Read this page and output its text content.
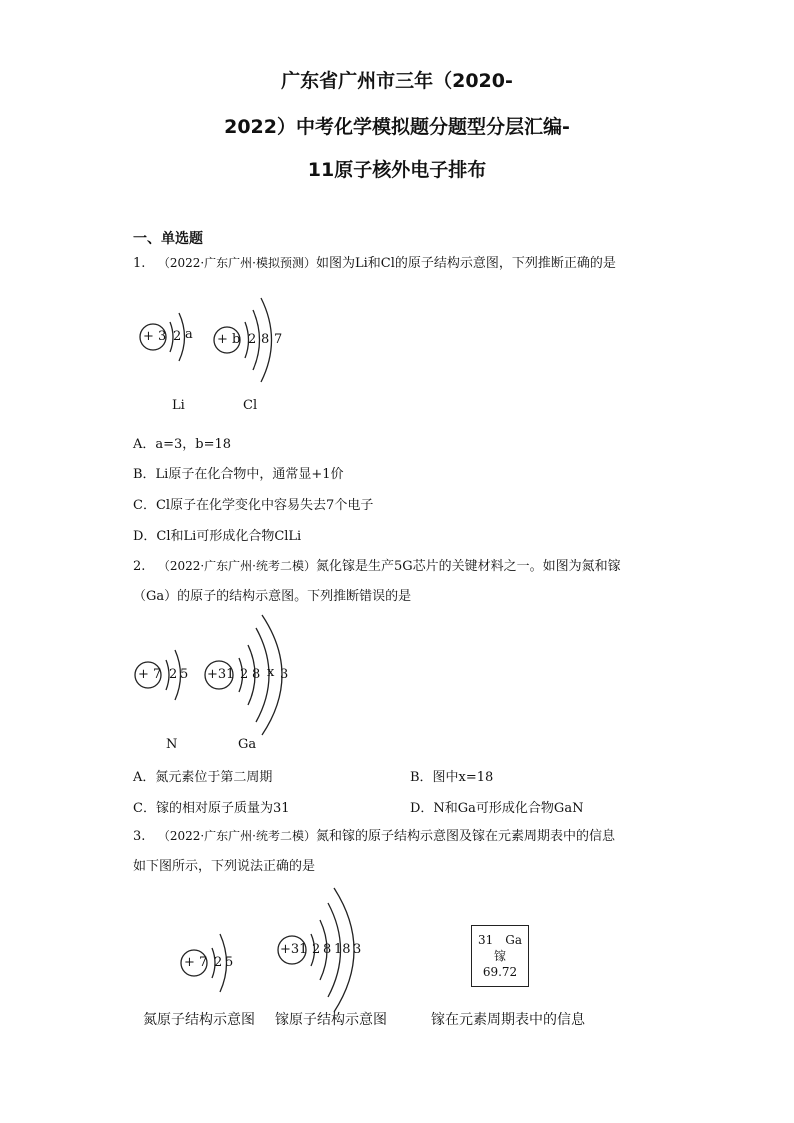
广东省广州市三年（2020-
2022）中考化学模拟题分题型分层汇编-
11原子核外电子排布
一、单选题
1. （2022·广东广州·模拟预测）如图为Li和Cl的原子结构示意图，下列推断正确的是
+ 3 2 a + b 2 8 7
Li	Cl
A．a=3，b=18
B．Li原子在化合物中，通常显+1价
C．Cl原子在化学变化中容易失去7个电子
D．Cl和Li可形成化合物ClLi
2. （2022·广东广州·统考二模）氮化镓是生产5G芯片的关键材料之一。如图为氮和镓
（Ga）的原子的结构示意图。下列推断错误的是
+ 7 2 5 +31 2 8 x 3
N	Ga
A．氮元素位于第二周期	B．图中x=18
C．镓的相对原子质量为31	D．N和Ga可形成化合物GaN
3. （2022·广东广州·统考二模）氮和镓的原子结构示意图及镓在元素周期表中的信息
如下图所示，下列说法正确的是
+ 7 2 5
+31 2 8 18 3
31 Ga
镓
69.72
氮原子结构示意图 镓原子结构示意图	镓在元素周期表中的信息
